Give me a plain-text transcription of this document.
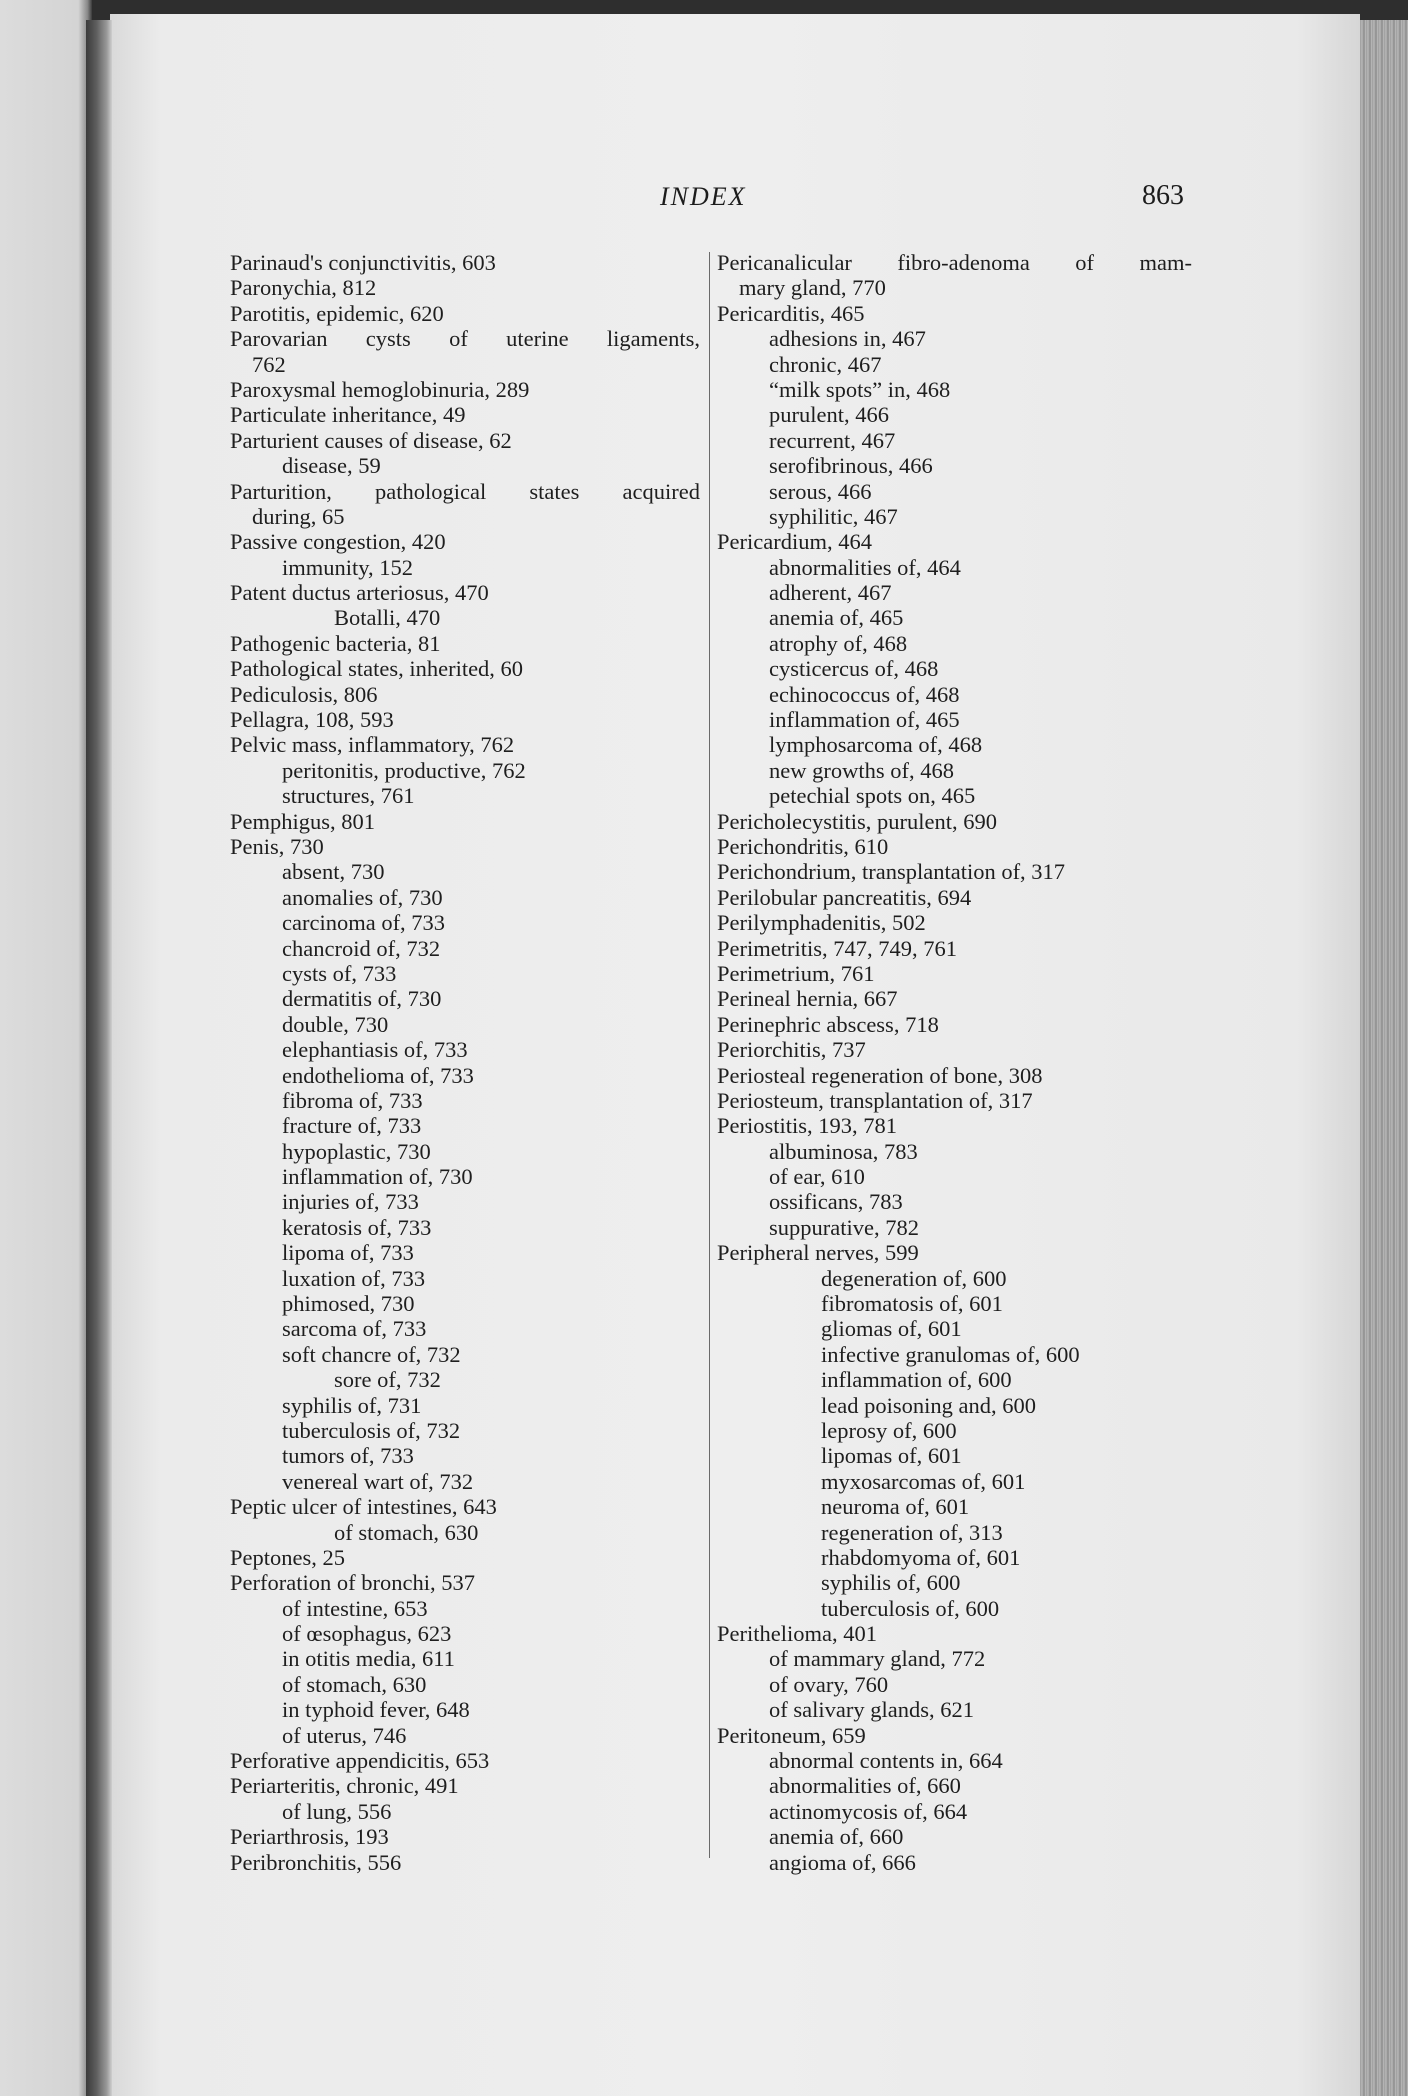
INDEX	863
Parinaud's conjunctivitis, 603
Paronychia, 812
Parotitis, epidemic, 620
Parovarian cysts of uterine ligaments,
762
Paroxysmal hemoglobinuria, 289
Particulate inheritance, 49
Parturient causes of disease, 62
disease, 59
Parturition, pathological states acquired
during, 65
Passive congestion, 420
immunity, 152
Patent ductus arteriosus, 470
Botalli, 470
Pathogenic bacteria, 81
Pathological states, inherited, 60
Pediculosis, 806
Pellagra, 108, 593
Pelvic mass, inflammatory, 762
peritonitis, productive, 762
structures, 761
Pemphigus, 801
Penis, 730
absent, 730
anomalies of, 730
carcinoma of, 733
chancroid of, 732
cysts of, 733
dermatitis of, 730
double, 730
elephantiasis of, 733
endothelioma of, 733
fibroma of, 733
fracture of, 733
hypoplastic, 730
inflammation of, 730
injuries of, 733
keratosis of, 733
lipoma of, 733
luxation of, 733
phimosed, 730
sarcoma of, 733
soft chancre of, 732
sore of, 732
syphilis of, 731
tuberculosis of, 732
tumors of, 733
venereal wart of, 732
Peptic ulcer of intestines, 643
of stomach, 630
Peptones, 25
Perforation of bronchi, 537
of intestine, 653
of œsophagus, 623
in otitis media, 611
of stomach, 630
in typhoid fever, 648
of uterus, 746
Perforative appendicitis, 653
Periarteritis, chronic, 491
of lung, 556
Periarthrosis, 193
Peribronchitis, 556
Pericanalicular fibro-adenoma of mam-
mary gland, 770
Pericarditis, 465
adhesions in, 467
chronic, 467
“milk spots” in, 468
purulent, 466
recurrent, 467
serofibrinous, 466
serous, 466
syphilitic, 467
Pericardium, 464
abnormalities of, 464
adherent, 467
anemia of, 465
atrophy of, 468
cysticercus of, 468
echinococcus of, 468
inflammation of, 465
lymphosarcoma of, 468
new growths of, 468
petechial spots on, 465
Pericholecystitis, purulent, 690
Perichondritis, 610
Perichondrium, transplantation of, 317
Perilobular pancreatitis, 694
Perilymphadenitis, 502
Perimetritis, 747, 749, 761
Perimetrium, 761
Perineal hernia, 667
Perinephric abscess, 718
Periorchitis, 737
Periosteal regeneration of bone, 308
Periosteum, transplantation of, 317
Periostitis, 193, 781
albuminosa, 783
of ear, 610
ossificans, 783
suppurative, 782
Peripheral nerves, 599
degeneration of, 600
fibromatosis of, 601
gliomas of, 601
infective granulomas of, 600
inflammation of, 600
lead poisoning and, 600
leprosy of, 600
lipomas of, 601
myxosarcomas of, 601
neuroma of, 601
regeneration of, 313
rhabdomyoma of, 601
syphilis of, 600
tuberculosis of, 600
Perithelioma, 401
of mammary gland, 772
of ovary, 760
of salivary glands, 621
Peritoneum, 659
abnormal contents in, 664
abnormalities of, 660
actinomycosis of, 664
anemia of, 660
angioma of, 666
